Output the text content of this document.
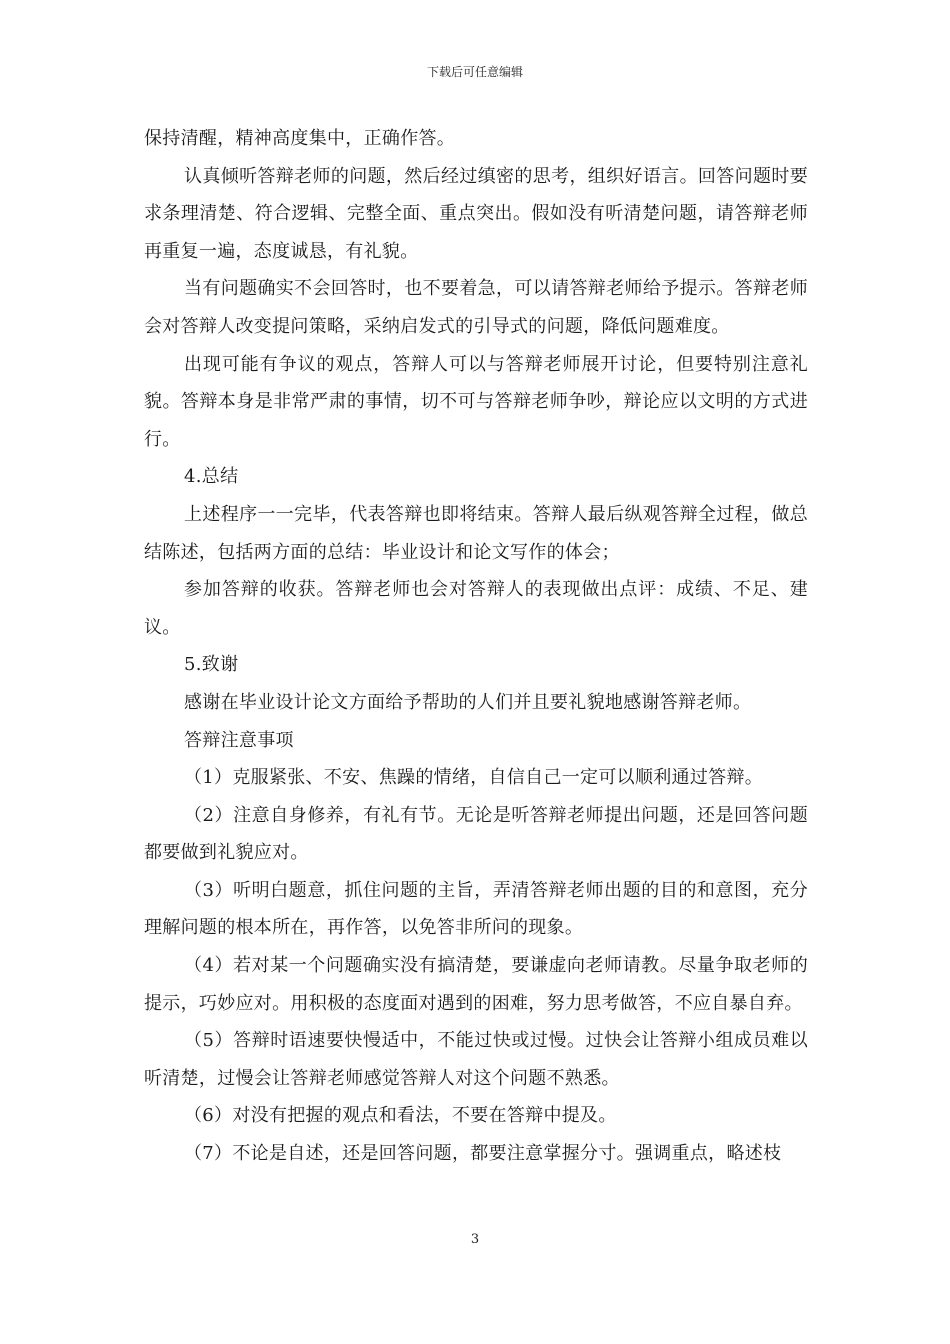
下载后可任意编辑

保持清醒，精神高度集中，正确作答。

认真倾听答辩老师的问题，然后经过缜密的思考，组织好语言。回答问题时要求条理清楚、符合逻辑、完整全面、重点突出。假如没有听清楚问题，请答辩老师再重复一遍，态度诚恳，有礼貌。

当有问题确实不会回答时，也不要着急，可以请答辩老师给予提示。答辩老师会对答辩人改变提问策略，采纳启发式的引导式的问题，降低问题难度。

出现可能有争议的观点，答辩人可以与答辩老师展开讨论，但要特别注意礼貌。答辩本身是非常严肃的事情，切不可与答辩老师争吵，辩论应以文明的方式进行。

4.总结

上述程序一一完毕，代表答辩也即将结束。答辩人最后纵观答辩全过程，做总结陈述，包括两方面的总结：毕业设计和论文写作的体会；

参加答辩的收获。答辩老师也会对答辩人的表现做出点评：成绩、不足、建议。

5.致谢

感谢在毕业设计论文方面给予帮助的人们并且要礼貌地感谢答辩老师。

答辩注意事项

（1）克服紧张、不安、焦躁的情绪，自信自己一定可以顺利通过答辩。

（2）注意自身修养，有礼有节。无论是听答辩老师提出问题，还是回答问题都要做到礼貌应对。

（3）听明白题意，抓住问题的主旨，弄清答辩老师出题的目的和意图，充分理解问题的根本所在，再作答，以免答非所问的现象。

（4）若对某一个问题确实没有搞清楚，要谦虚向老师请教。尽量争取老师的提示，巧妙应对。用积极的态度面对遇到的困难，努力思考做答，不应自暴自弃。

（5）答辩时语速要快慢适中，不能过快或过慢。过快会让答辩小组成员难以听清楚，过慢会让答辩老师感觉答辩人对这个问题不熟悉。

（6）对没有把握的观点和看法，不要在答辩中提及。

（7）不论是自述，还是回答问题，都要注意掌握分寸。强调重点，略述枝

3
